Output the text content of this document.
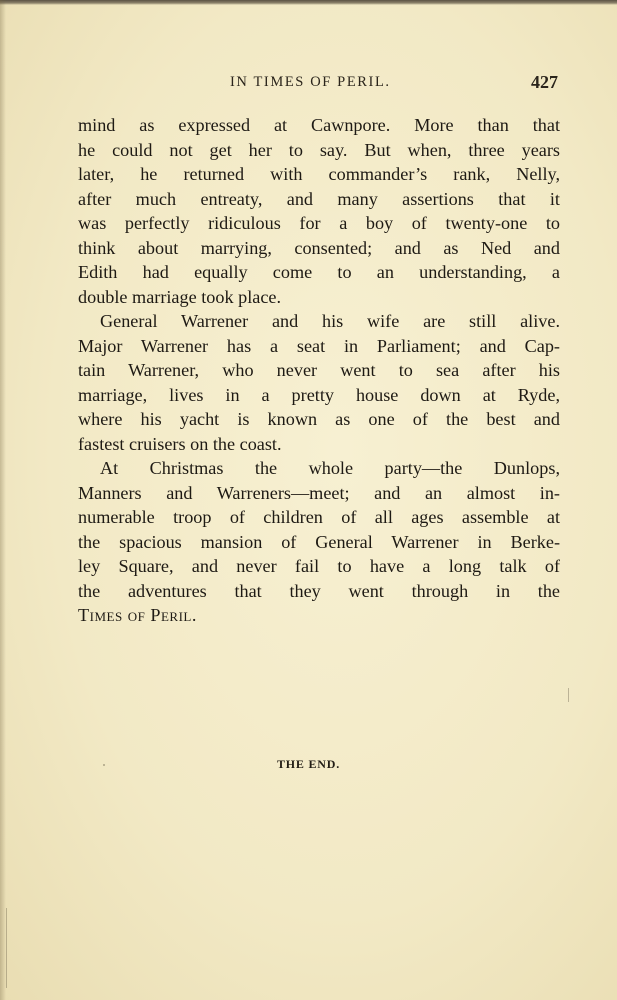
IN TIMES OF PERIL.	427
mind as expressed at Cawnpore. More than that
he could not get her to say. But when, three years
later, he returned with commander’s rank, Nelly,
after much entreaty, and many assertions that it
was perfectly ridiculous for a boy of twenty-one to
think about marrying, consented; and as Ned and
Edith had equally come to an understanding, a
double marriage took place.
General Warrener and his wife are still alive.
Major Warrener has a seat in Parliament; and Cap-
tain Warrener, who never went to sea after his
marriage, lives in a pretty house down at Ryde,
where his yacht is known as one of the best and
fastest cruisers on the coast.
At Christmas the whole party—the Dunlops,
Manners and Warreners—meet; and an almost in-
numerable troop of children of all ages assemble at
the spacious mansion of General Warrener in Berke-
ley Square, and never fail to have a long talk of
the adventures that they went through in the
Times of Peril.
THE END.
